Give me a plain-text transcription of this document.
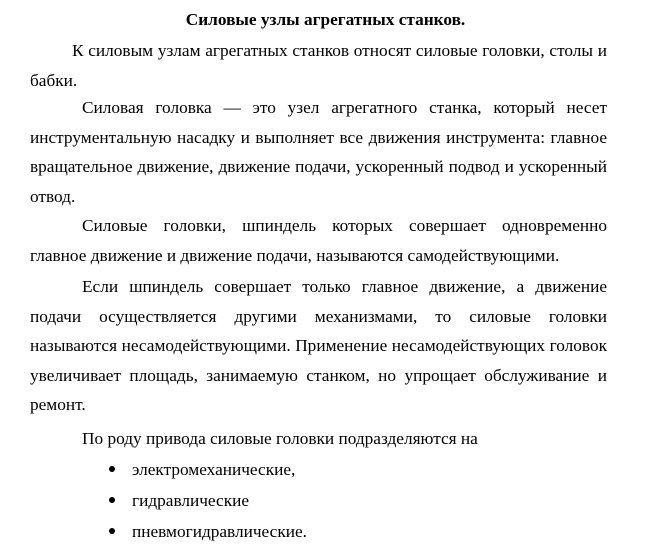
Силовые узлы агрегатных станков.

К силовым узлам агрегатных станков относят силовые головки, столы и бабки.

Силовая головка — это узел агрегатного станка, который несет инструментальную насадку и выполняет все движения инструмента: главное вращательное движение, движение подачи, ускоренный подвод и ускоренный отвод.

Силовые головки, шпиндель которых совершает одновременно главное движение и движение подачи, называются самодействующими.

Если шпиндель совершает только главное движение, а движение подачи осуществляется другими механизмами, то силовые головки называются несамодействующими. Применение несамодействующих головок увеличивает площадь, занимаемую станком, но упрощает обслуживание и ремонт.

По роду привода силовые головки подразделяются на

электромеханические,
гидравлические
пневмогидравлические.
